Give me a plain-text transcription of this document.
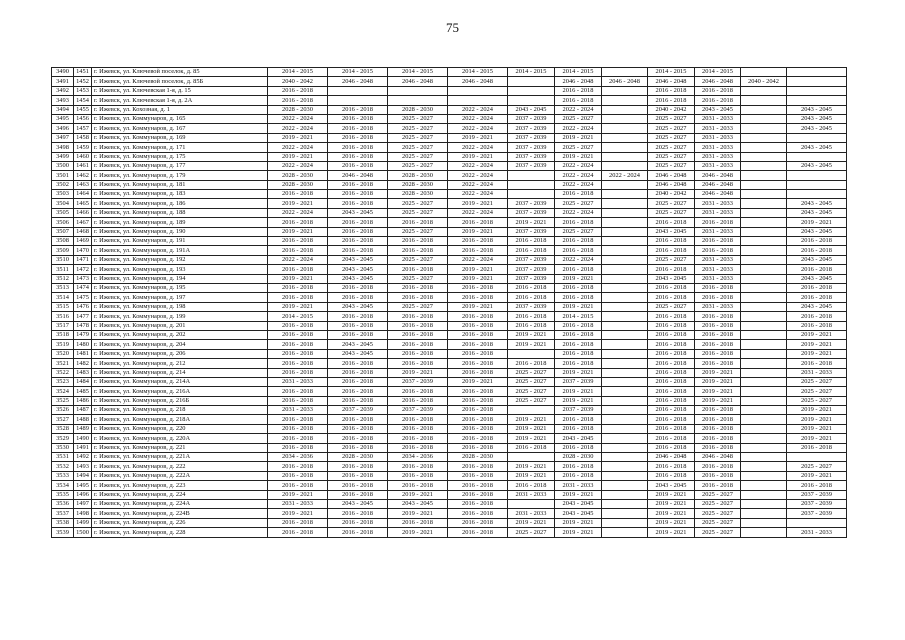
75
3490	1451	г. Ижевск, ул. Ключевой поселок, д. 85	2014 - 2015	2014 - 2015	2014 - 2015	2014 - 2015	2014 - 2015	2014 - 2015		2014 - 2015	2014 - 2015		
3491	1452	г. Ижевск, ул. Ключевой поселок, д. 85Б	2040 - 2042	2046 - 2048	2046 - 2048	2046 - 2048		2046 - 2048	2046 - 2048	2046 - 2048	2046 - 2048	2040 - 2042	
3492	1453	г. Ижевск, ул. Ключевская 1-я, д. 15	2016 - 2018					2016 - 2018		2016 - 2018	2016 - 2018		
3493	1454	г. Ижевск, ул. Ключевская 1-я, д. 2А	2016 - 2018					2016 - 2018		2016 - 2018	2016 - 2018		
3494	1455	г. Ижевск, ул. Кохозная, д. 1	2028 - 2030	2016 - 2018	2028 - 2030	2022 - 2024	2043 - 2045	2022 - 2024		2040 - 2042	2043 - 2045		2043 - 2045
3495	1456	г. Ижевск, ул. Коммунаров, д. 165	2022 - 2024	2016 - 2018	2025 - 2027	2022 - 2024	2037 - 2039	2025 - 2027		2025 - 2027	2031 - 2033		2043 - 2045
3496	1457	г. Ижевск, ул. Коммунаров, д. 167	2022 - 2024	2016 - 2018	2025 - 2027	2022 - 2024	2037 - 2039	2022 - 2024		2025 - 2027	2031 - 2033		2043 - 2045
3497	1458	г. Ижевск, ул. Коммунаров, д. 169	2019 - 2021	2016 - 2018	2025 - 2027	2019 - 2021	2037 - 2039	2019 - 2021		2025 - 2027	2031 - 2033		
3498	1459	г. Ижевск, ул. Коммунаров, д. 171	2022 - 2024	2016 - 2018	2025 - 2027	2022 - 2024	2037 - 2039	2025 - 2027		2025 - 2027	2031 - 2033		2043 - 2045
3499	1460	г. Ижевск, ул. Коммунаров, д. 175	2019 - 2021	2016 - 2018	2025 - 2027	2019 - 2021	2037 - 2039	2019 - 2021		2025 - 2027	2031 - 2033		
3500	1461	г. Ижевск, ул. Коммунаров, д. 177	2022 - 2024	2016 - 2018	2025 - 2027	2022 - 2024	2037 - 2039	2022 - 2024		2025 - 2027	2031 - 2033		2043 - 2045
3501	1462	г. Ижевск, ул. Коммунаров, д. 179	2028 - 2030	2046 - 2048	2028 - 2030	2022 - 2024		2022 - 2024	2022 - 2024	2046 - 2048	2046 - 2048		
3502	1463	г. Ижевск, ул. Коммунаров, д. 181	2028 - 2030	2016 - 2018	2028 - 2030	2022 - 2024		2022 - 2024		2046 - 2048	2046 - 2048		
3503	1464	г. Ижевск, ул. Коммунаров, д. 183	2016 - 2018	2016 - 2018	2028 - 2030	2022 - 2024		2016 - 2018		2040 - 2042	2046 - 2048		
3504	1465	г. Ижевск, ул. Коммунаров, д. 186	2019 - 2021	2016 - 2018	2025 - 2027	2019 - 2021	2037 - 2039	2025 - 2027		2025 - 2027	2031 - 2033		2043 - 2045
3505	1466	г. Ижевск, ул. Коммунаров, д. 188	2022 - 2024	2043 - 2045	2025 - 2027	2022 - 2024	2037 - 2039	2022 - 2024		2025 - 2027	2031 - 2033		2043 - 2045
3506	1467	г. Ижевск, ул. Коммунаров, д. 189	2016 - 2018	2016 - 2018	2016 - 2018	2016 - 2018	2019 - 2021	2016 - 2018		2016 - 2018	2016 - 2018		2019 - 2021
3507	1468	г. Ижевск, ул. Коммунаров, д. 190	2019 - 2021	2016 - 2018	2025 - 2027	2019 - 2021	2037 - 2039	2025 - 2027		2043 - 2045	2031 - 2033		2043 - 2045
3508	1469	г. Ижевск, ул. Коммунаров, д. 191	2016 - 2018	2016 - 2018	2016 - 2018	2016 - 2018	2016 - 2018	2016 - 2018		2016 - 2018	2016 - 2018		2016 - 2018
3509	1470	г. Ижевск, ул. Коммунаров, д. 191А	2016 - 2018	2016 - 2018	2016 - 2018	2016 - 2018	2016 - 2018	2016 - 2018		2016 - 2018	2016 - 2018		2016 - 2018
3510	1471	г. Ижевск, ул. Коммунаров, д. 192	2022 - 2024	2043 - 2045	2025 - 2027	2022 - 2024	2037 - 2039	2022 - 2024		2025 - 2027	2031 - 2033		2043 - 2045
3511	1472	г. Ижевск, ул. Коммунаров, д. 193	2016 - 2018	2043 - 2045	2016 - 2018	2019 - 2021	2037 - 2039	2016 - 2018		2016 - 2018	2031 - 2033		2016 - 2018
3512	1473	г. Ижевск, ул. Коммунаров, д. 194	2019 - 2021	2043 - 2045	2025 - 2027	2019 - 2021	2037 - 2039	2019 - 2021		2043 - 2045	2031 - 2033		2043 - 2045
3513	1474	г. Ижевск, ул. Коммунаров, д. 195	2016 - 2018	2016 - 2018	2016 - 2018	2016 - 2018	2016 - 2018	2016 - 2018		2016 - 2018	2016 - 2018		2016 - 2018
3514	1475	г. Ижевск, ул. Коммунаров, д. 197	2016 - 2018	2016 - 2018	2016 - 2018	2016 - 2018	2016 - 2018	2016 - 2018		2016 - 2018	2016 - 2018		2016 - 2018
3515	1476	г. Ижевск, ул. Коммунаров, д. 198	2019 - 2021	2043 - 2045	2025 - 2027	2019 - 2021	2037 - 2039	2019 - 2021		2025 - 2027	2031 - 2033		2043 - 2045
3516	1477	г. Ижевск, ул. Коммунаров, д. 199	2014 - 2015	2016 - 2018	2016 - 2018	2016 - 2018	2016 - 2018	2014 - 2015		2016 - 2018	2016 - 2018		2016 - 2018
3517	1478	г. Ижевск, ул. Коммунаров, д. 201	2016 - 2018	2016 - 2018	2016 - 2018	2016 - 2018	2016 - 2018	2016 - 2018		2016 - 2018	2016 - 2018		2016 - 2018
3518	1479	г. Ижевск, ул. Коммунаров, д. 202	2016 - 2018	2016 - 2018	2016 - 2018	2016 - 2018	2019 - 2021	2016 - 2018		2016 - 2018	2016 - 2018		2019 - 2021
3519	1480	г. Ижевск, ул. Коммунаров, д. 204	2016 - 2018	2043 - 2045	2016 - 2018	2016 - 2018	2019 - 2021	2016 - 2018		2016 - 2018	2016 - 2018		2019 - 2021
3520	1481	г. Ижевск, ул. Коммунаров, д. 206	2016 - 2018	2043 - 2045	2016 - 2018	2016 - 2018		2016 - 2018		2016 - 2018	2016 - 2018		2019 - 2021
3521	1482	г. Ижевск, ул. Коммунаров, д. 212	2016 - 2018	2016 - 2018	2016 - 2018	2016 - 2018	2016 - 2018	2016 - 2018		2016 - 2018	2016 - 2018		2016 - 2018
3522	1483	г. Ижевск, ул. Коммунаров, д. 214	2016 - 2018	2016 - 2018	2019 - 2021	2016 - 2018	2025 - 2027	2019 - 2021		2016 - 2018	2019 - 2021		2031 - 2033
3523	1484	г. Ижевск, ул. Коммунаров, д. 214А	2031 - 2033	2016 - 2018	2037 - 2039	2019 - 2021	2025 - 2027	2037 - 2039		2016 - 2018	2019 - 2021		2025 - 2027
3524	1485	г. Ижевск, ул. Коммунаров, д. 216А	2016 - 2018	2016 - 2018	2016 - 2018	2016 - 2018	2025 - 2027	2019 - 2021		2016 - 2018	2019 - 2021		2025 - 2027
3525	1486	г. Ижевск, ул. Коммунаров, д. 216Б	2016 - 2018	2016 - 2018	2016 - 2018	2016 - 2018	2025 - 2027	2019 - 2021		2016 - 2018	2019 - 2021		2025 - 2027
3526	1487	г. Ижевск, ул. Коммунаров, д. 218	2031 - 2033	2037 - 2039	2037 - 2039	2016 - 2018		2037 - 2039		2016 - 2018	2016 - 2018		2019 - 2021
3527	1488	г. Ижевск, ул. Коммунаров, д. 218А	2016 - 2018	2016 - 2018	2016 - 2018	2016 - 2018	2019 - 2021	2016 - 2018		2016 - 2018	2016 - 2018		2019 - 2021
3528	1489	г. Ижевск, ул. Коммунаров, д. 220	2016 - 2018	2016 - 2018	2016 - 2018	2016 - 2018	2019 - 2021	2016 - 2018		2016 - 2018	2016 - 2018		2019 - 2021
3529	1490	г. Ижевск, ул. Коммунаров, д. 220А	2016 - 2018	2016 - 2018	2016 - 2018	2016 - 2018	2019 - 2021	2043 - 2045		2016 - 2018	2016 - 2018		2019 - 2021
3530	1491	г. Ижевск, ул. Коммунаров, д. 221	2016 - 2018	2016 - 2018	2016 - 2018	2016 - 2018	2016 - 2018	2016 - 2018		2016 - 2018	2016 - 2018		2016 - 2018
3531	1492	г. Ижевск, ул. Коммунаров, д. 221А	2034 - 2036	2028 - 2030	2034 - 2036	2028 - 2030		2028 - 2030		2046 - 2048	2046 - 2048		
3532	1493	г. Ижевск, ул. Коммунаров, д. 222	2016 - 2018	2016 - 2018	2016 - 2018	2016 - 2018	2019 - 2021	2016 - 2018		2016 - 2018	2016 - 2018		2025 - 2027
3533	1494	г. Ижевск, ул. Коммунаров, д. 222А	2016 - 2018	2016 - 2018	2016 - 2018	2016 - 2018	2019 - 2021	2016 - 2018		2016 - 2018	2016 - 2018		2019 - 2021
3534	1495	г. Ижевск, ул. Коммунаров, д. 223	2016 - 2018	2016 - 2018	2016 - 2018	2016 - 2018	2016 - 2018	2031 - 2033		2043 - 2045	2016 - 2018		2016 - 2018
3535	1496	г. Ижевск, ул. Коммунаров, д. 224	2019 - 2021	2016 - 2018	2019 - 2021	2016 - 2018	2031 - 2033	2019 - 2021		2019 - 2021	2025 - 2027		2037 - 2039
3536	1497	г. Ижевск, ул. Коммунаров, д. 224А	2031 - 2033	2043 - 2045	2043 - 2045	2016 - 2018		2043 - 2045		2019 - 2021	2025 - 2027		2037 - 2039
3537	1498	г. Ижевск, ул. Коммунаров, д. 224В	2019 - 2021	2016 - 2018	2019 - 2021	2016 - 2018	2031 - 2033	2043 - 2045		2019 - 2021	2025 - 2027		2037 - 2039
3538	1499	г. Ижевск, ул. Коммунаров, д. 226	2016 - 2018	2016 - 2018	2016 - 2018	2016 - 2018	2019 - 2021	2019 - 2021		2019 - 2021	2025 - 2027		
3539	1500	г. Ижевск, ул. Коммунаров, д. 228	2016 - 2018	2016 - 2018	2019 - 2021	2016 - 2018	2025 - 2027	2019 - 2021		2019 - 2021	2025 - 2027		2031 - 2033
